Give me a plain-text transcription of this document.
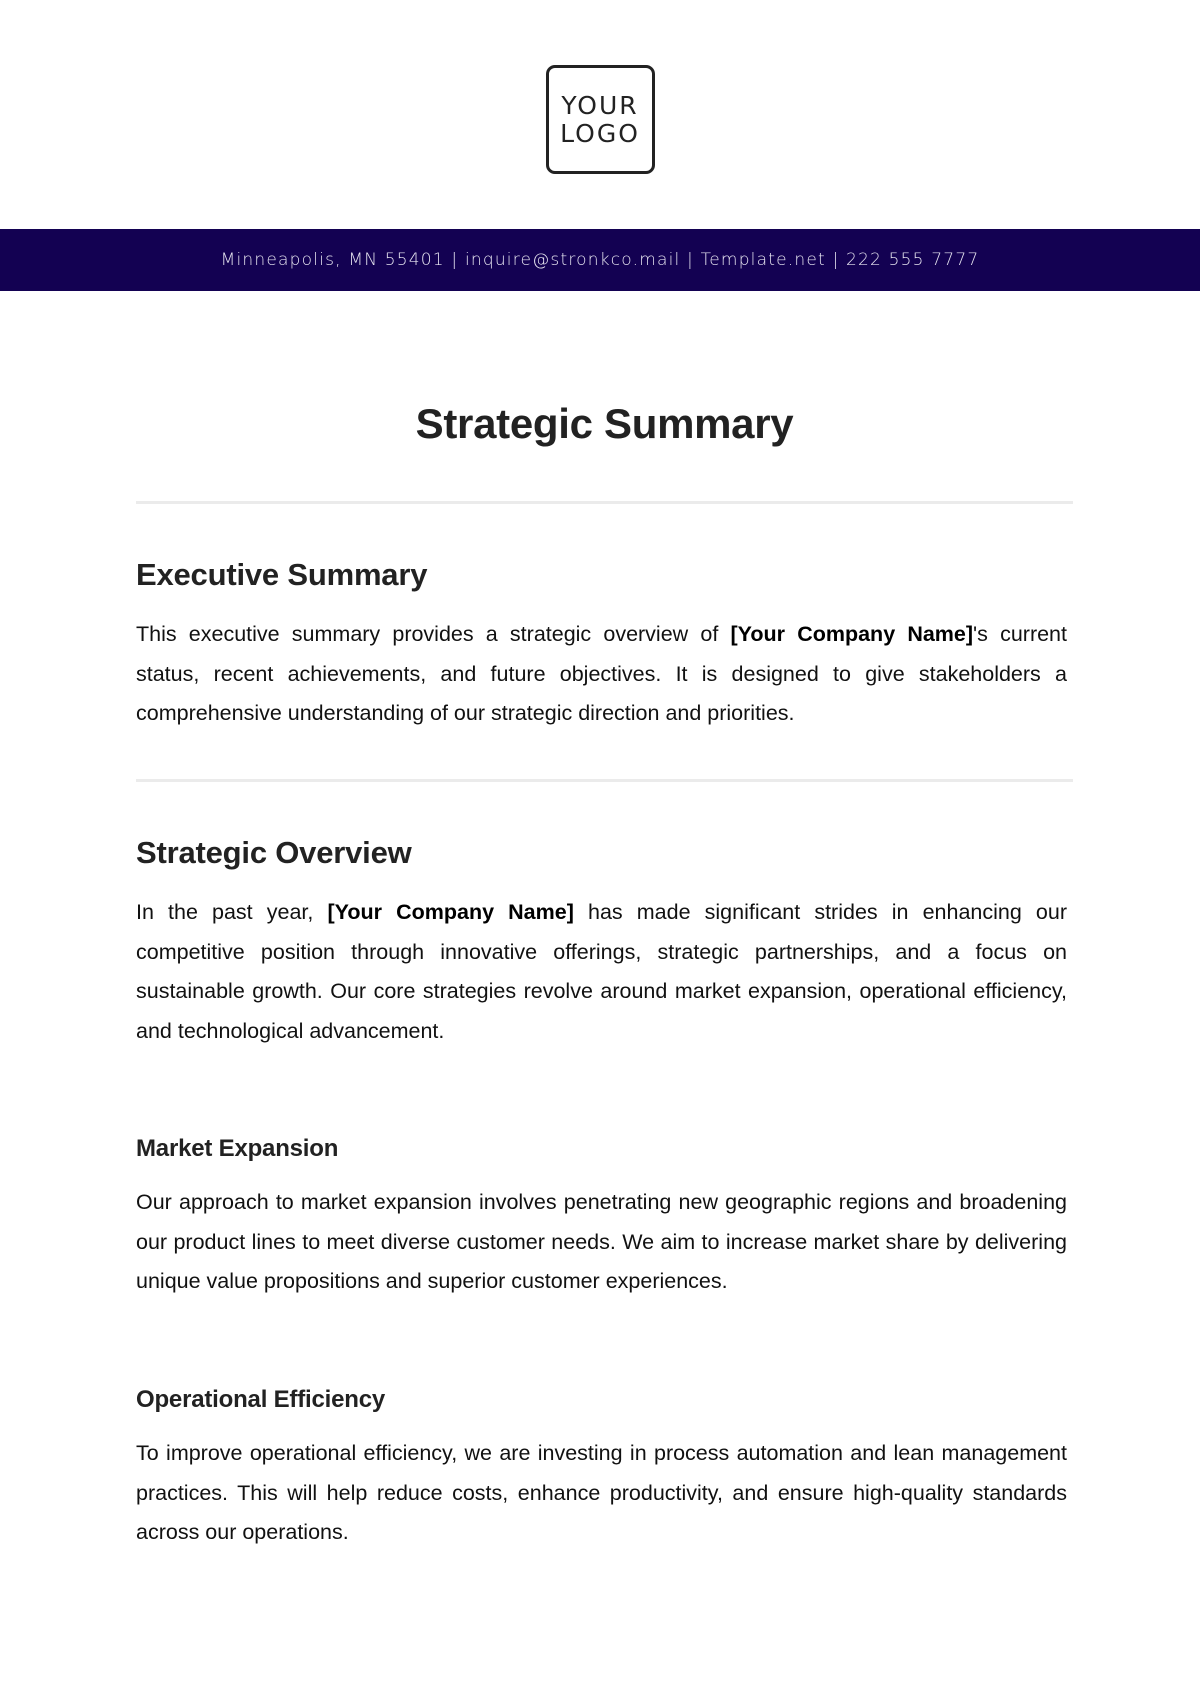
YOUR
LOGO
Minneapolis, MN 55401 | inquire@stronkco.mail | Template.net | 222 555 7777
Strategic Summary
Executive Summary

This executive summary provides a strategic overview of [Your Company Name]'s current status, recent achievements, and future objectives. It is designed to give stakeholders a comprehensive understanding of our strategic direction and priorities.

Strategic Overview

In the past year, [Your Company Name] has made significant strides in enhancing our competitive position through innovative offerings, strategic partnerships, and a focus on sustainable growth. Our core strategies revolve around market expansion, operational efficiency, and technological advancement.

Market Expansion

Our approach to market expansion involves penetrating new geographic regions and broadening our product lines to meet diverse customer needs. We aim to increase market share by delivering unique value propositions and superior customer experiences.

Operational Efficiency

To improve operational efficiency, we are investing in process automation and lean management practices. This will help reduce costs, enhance productivity, and ensure high-quality standards across our operations.
